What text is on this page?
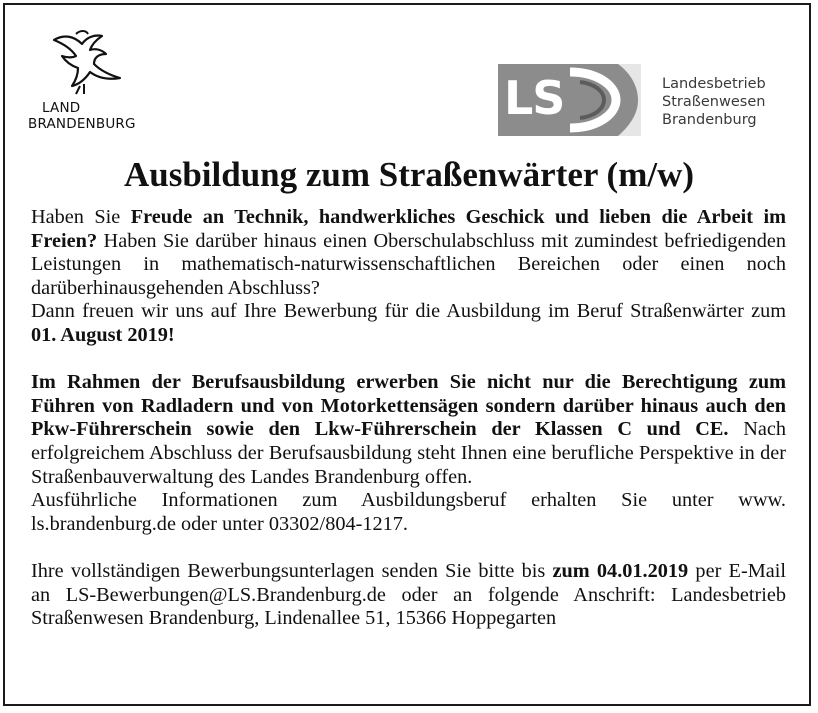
LAND
BRANDENBURG	LS	Landesbetrieb
Straßenwesen
Brandenburg
Ausbildung zum Straßenwärter (m/w)

Haben Sie Freude an Technik, handwerkliches Geschick und lieben die Arbeit im Freien? Haben Sie darüber hinaus einen Oberschulabschluss mit zumindest befriedigenden Leistungen in mathematisch-naturwissenschaftlichen Bereichen oder einen noch darüberhinausgehenden Abschluss?

Dann freuen wir uns auf Ihre Bewerbung für die Ausbildung im Beruf Straßenwärter zum 01. August 2019!

Im Rahmen der Berufsausbildung erwerben Sie nicht nur die Berechtigung zum Führen von Radladern und von Motorkettensägen sondern darüber hinaus auch den Pkw-Führerschein sowie den Lkw-Führerschein der Klassen C und CE. Nach erfolgreichem Abschluss der Berufsausbildung steht Ihnen eine berufliche Perspektive in der Straßenbauverwaltung des Landes Brandenburg offen.

Ausführliche Informationen zum Ausbildungsberuf erhalten Sie unter www. ls.brandenburg.de oder unter 03302/804-1217.

Ihre vollständigen Bewerbungsunterlagen senden Sie bitte bis zum 04.01.2019 per E-Mail an LS-Bewerbungen@LS.Brandenburg.de oder an folgende Anschrift: Landesbetrieb Straßenwesen Brandenburg, Lindenallee 51, 15366 Hoppegarten
